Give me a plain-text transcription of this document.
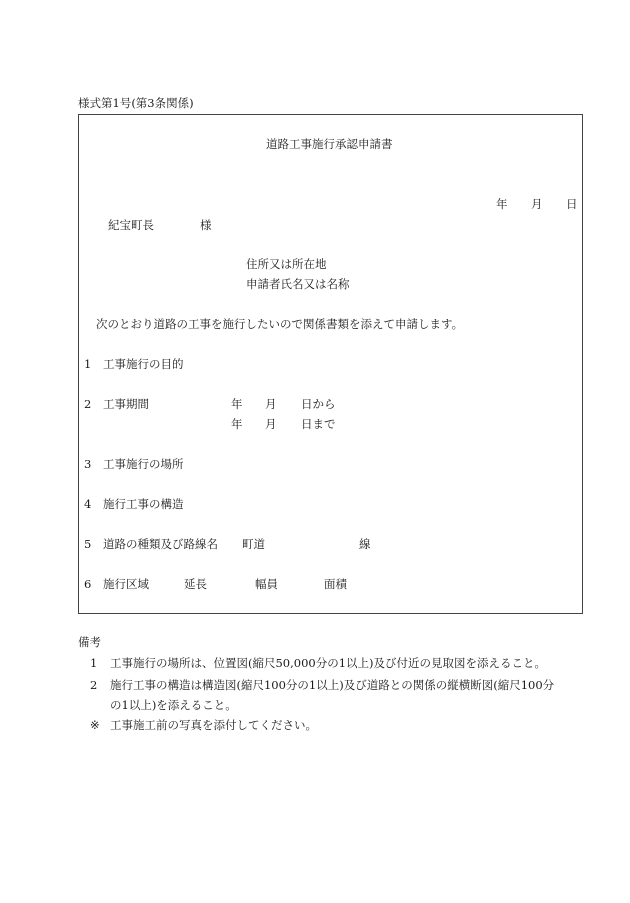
様式第1号(第3条関係)
道路工事施行承認申請書
年 月 日
紀宝町長	様
住所又は所在地
申請者氏名又は名称
次のとおり道路の工事を施行したいので関係書類を添えて申請します。
1 工事施行の目的
2 工事期間	年 月 日から
年 月 日まで
3 工事施行の場所
4 施行工事の構造
5 道路の種類及び路線名 町道	線
6 施行区域	延長	幅員	面積
備考
1 工事施行の場所は、位置図(縮尺50,000分の1以上)及び付近の見取図を添えること。
2 施行工事の構造は構造図(縮尺100分の1以上)及び道路との関係の縦横断図(縮尺100分
の1以上)を添えること。
※ 工事施工前の写真を添付してください。
